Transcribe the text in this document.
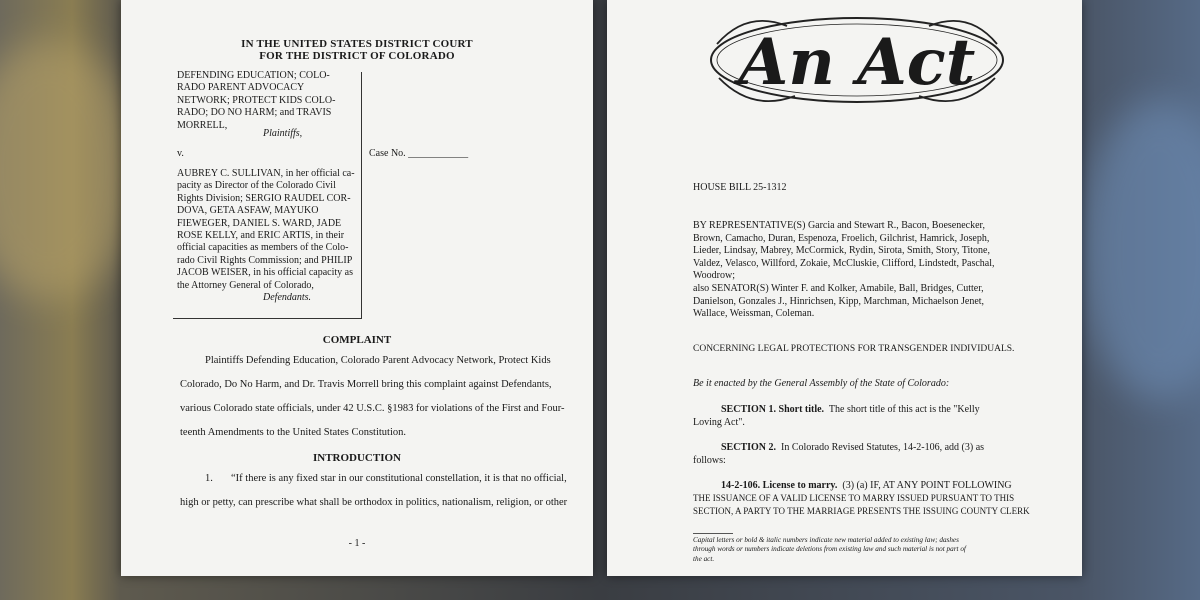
IN THE UNITED STATES DISTRICT COURT
FOR THE DISTRICT OF COLORADO
DEFENDING EDUCATION; COLO-
RADO PARENT ADVOCACY
NETWORK; PROTECT KIDS COLO-
RADO; DO NO HARM; and TRAVIS
MORRELL,
Plaintiffs,
v.	Case No. ____________
AUBREY C. SULLIVAN, in her official ca-
pacity as Director of the Colorado Civil
Rights Division; SERGIO RAUDEL COR-
DOVA, GETA ASFAW, MAYUKO
FIEWEGER, DANIEL S. WARD, JADE
ROSE KELLY, and ERIC ARTIS, in their
official capacities as members of the Colo-
rado Civil Rights Commission; and PHILIP
JACOB WEISER, in his official capacity as
the Attorney General of Colorado,
Defendants.
COMPLAINT
Plaintiffs Defending Education, Colorado Parent Advocacy Network, Protect Kids
Colorado, Do No Harm, and Dr. Travis Morrell bring this complaint against Defendants,
various Colorado state officials, under 42 U.S.C. §1983 for violations of the First and Four-
teenth Amendments to the United States Constitution.
INTRODUCTION
1. “If there is any fixed star in our constitutional constellation, it is that no official,
high or petty, can prescribe what shall be orthodox in politics, nationalism, religion, or other
- 1 -
An Act
HOUSE BILL 25-1312
BY REPRESENTATIVE(S) Garcia and Stewart R., Bacon, Boesenecker,
Brown, Camacho, Duran, Espenoza, Froelich, Gilchrist, Hamrick, Joseph,
Lieder, Lindsay, Mabrey, McCormick, Rydin, Sirota, Smith, Story, Titone,
Valdez, Velasco, Willford, Zokaie, McCluskie, Clifford, Lindstedt, Paschal,
Woodrow;
also SENATOR(S) Winter F. and Kolker, Amabile, Ball, Bridges, Cutter,
Danielson, Gonzales J., Hinrichsen, Kipp, Marchman, Michaelson Jenet,
Wallace, Weissman, Coleman.
CONCERNING LEGAL PROTECTIONS FOR TRANSGENDER INDIVIDUALS.
Be it enacted by the General Assembly of the State of Colorado:
SECTION 1. Short title. The short title of this act is the "Kelly
Loving Act".
SECTION 2. In Colorado Revised Statutes, 14-2-106, add (3) as
follows:
14-2-106. License to marry. (3) (a) IF, AT ANY POINT FOLLOWING
THE ISSUANCE OF A VALID LICENSE TO MARRY ISSUED PURSUANT TO THIS
SECTION, A PARTY TO THE MARRIAGE PRESENTS THE ISSUING COUNTY CLERK
Capital letters or bold & italic numbers indicate new material added to existing law; dashes
through words or numbers indicate deletions from existing law and such material is not part of
the act.
